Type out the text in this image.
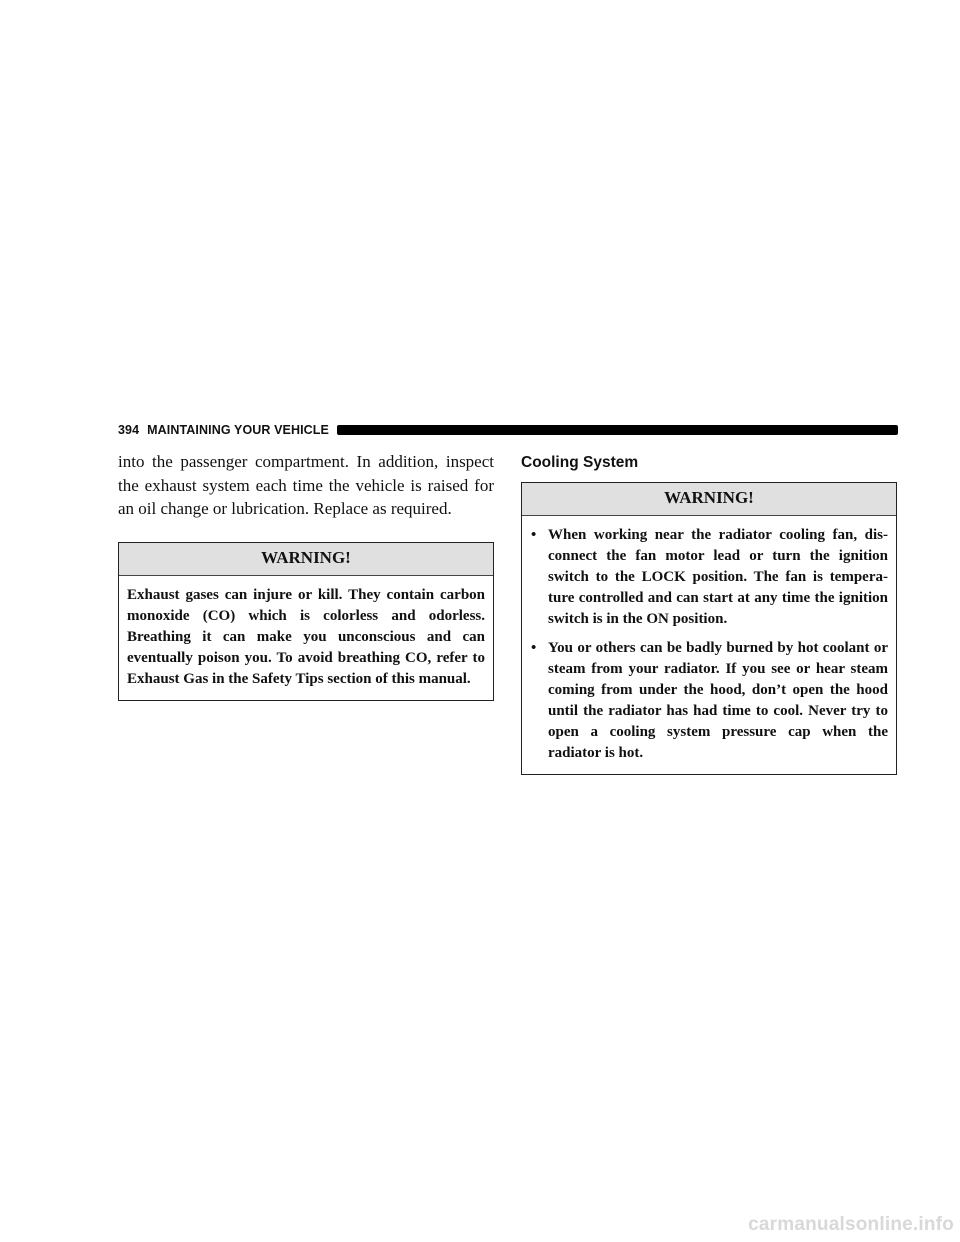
394 MAINTAINING YOUR VEHICLE

into the passenger compartment. In addition, inspect the exhaust system each time the vehicle is raised for an oil change or lubrication. Replace as required.

WARNING!
Exhaust gases can injure or kill. They contain carbon monoxide (CO) which is colorless and odorless. Breathing it can make you unconscious and can eventually poison you. To avoid breathing CO, refer to Exhaust Gas in the Safety Tips section of this manual.
Cooling System
WARNING!
• When working near the radiator cooling fan, dis-connect the fan motor lead or turn the ignition switch to the LOCK position. The fan is tempera-ture controlled and can start at any time the ignition switch is in the ON position.
• You or others can be badly burned by hot coolant or steam from your radiator. If you see or hear steam coming from under the hood, don’t open the hood until the radiator has had time to cool. Never try to open a cooling system pressure cap when the radiator is hot.
carmanualsonline.info
